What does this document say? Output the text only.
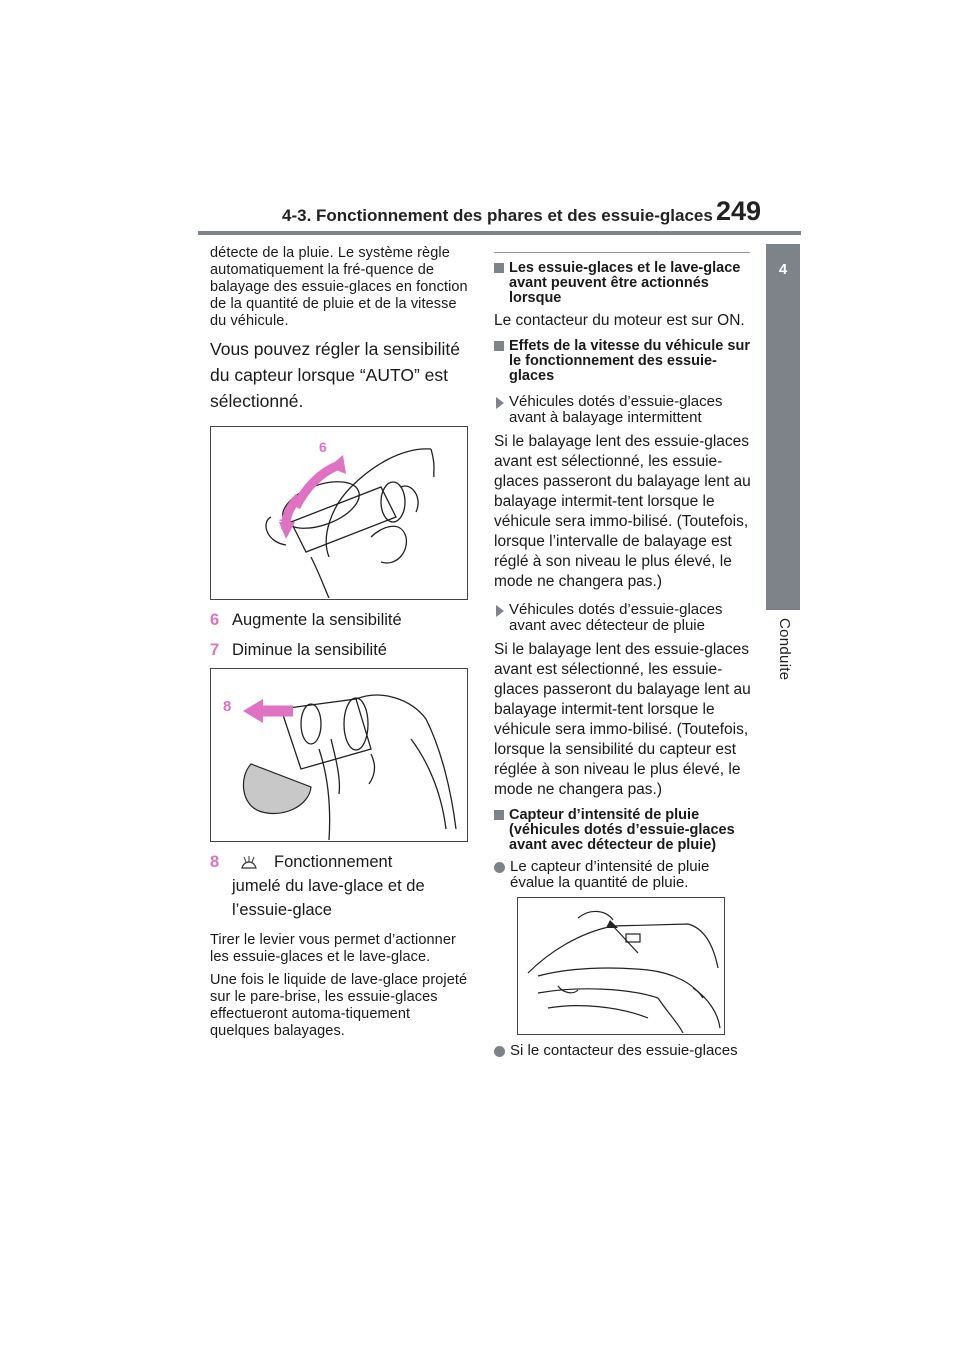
4-3. Fonctionnement des phares et des essuie-glaces 249
4
Conduite

détecte de la pluie. Le système règle automatiquement la fré-quence de balayage des essuie-glaces en fonction de la quantité de pluie et de la vitesse du véhicule.

Vous pouvez régler la sensibilité du capteur lorsque “AUTO” est sélectionné.

6
7
6 Augmente la sensibilité
7 Diminue la sensibilité
8
8	Fonctionnement
jumelé du lave-glace et de l’essuie-glace

Tirer le levier vous permet d’actionner les essuie-glaces et le lave-glace.

Une fois le liquide de lave-glace projeté sur le pare-brise, les essuie-glaces effectueront automa-tiquement quelques balayages.

Les essuie-glaces et le lave-glace avant peuvent être actionnés lorsque

Le contacteur du moteur est sur ON.

Effets de la vitesse du véhicule sur le fonctionnement des essuie-glaces
Véhicules dotés d’essuie-glaces avant à balayage intermittent

Si le balayage lent des essuie-glaces avant est sélectionné, les essuie-glaces passeront du balayage lent au balayage intermit-tent lorsque le véhicule sera immo-bilisé. (Toutefois, lorsque l’intervalle de balayage est réglé à son niveau le plus élevé, le mode ne changera pas.)

Véhicules dotés d’essuie-glaces avant avec détecteur de pluie

Si le balayage lent des essuie-glaces avant est sélectionné, les essuie-glaces passeront du balayage lent au balayage intermit-tent lorsque le véhicule sera immo-bilisé. (Toutefois, lorsque la sensibilité du capteur est réglée à son niveau le plus élevé, le mode ne changera pas.)

Capteur d’intensité de pluie (véhicules dotés d’essuie-glaces avant avec détecteur de pluie)
Le capteur d’intensité de pluie évalue la quantité de pluie.
Si le contacteur des essuie-glaces
